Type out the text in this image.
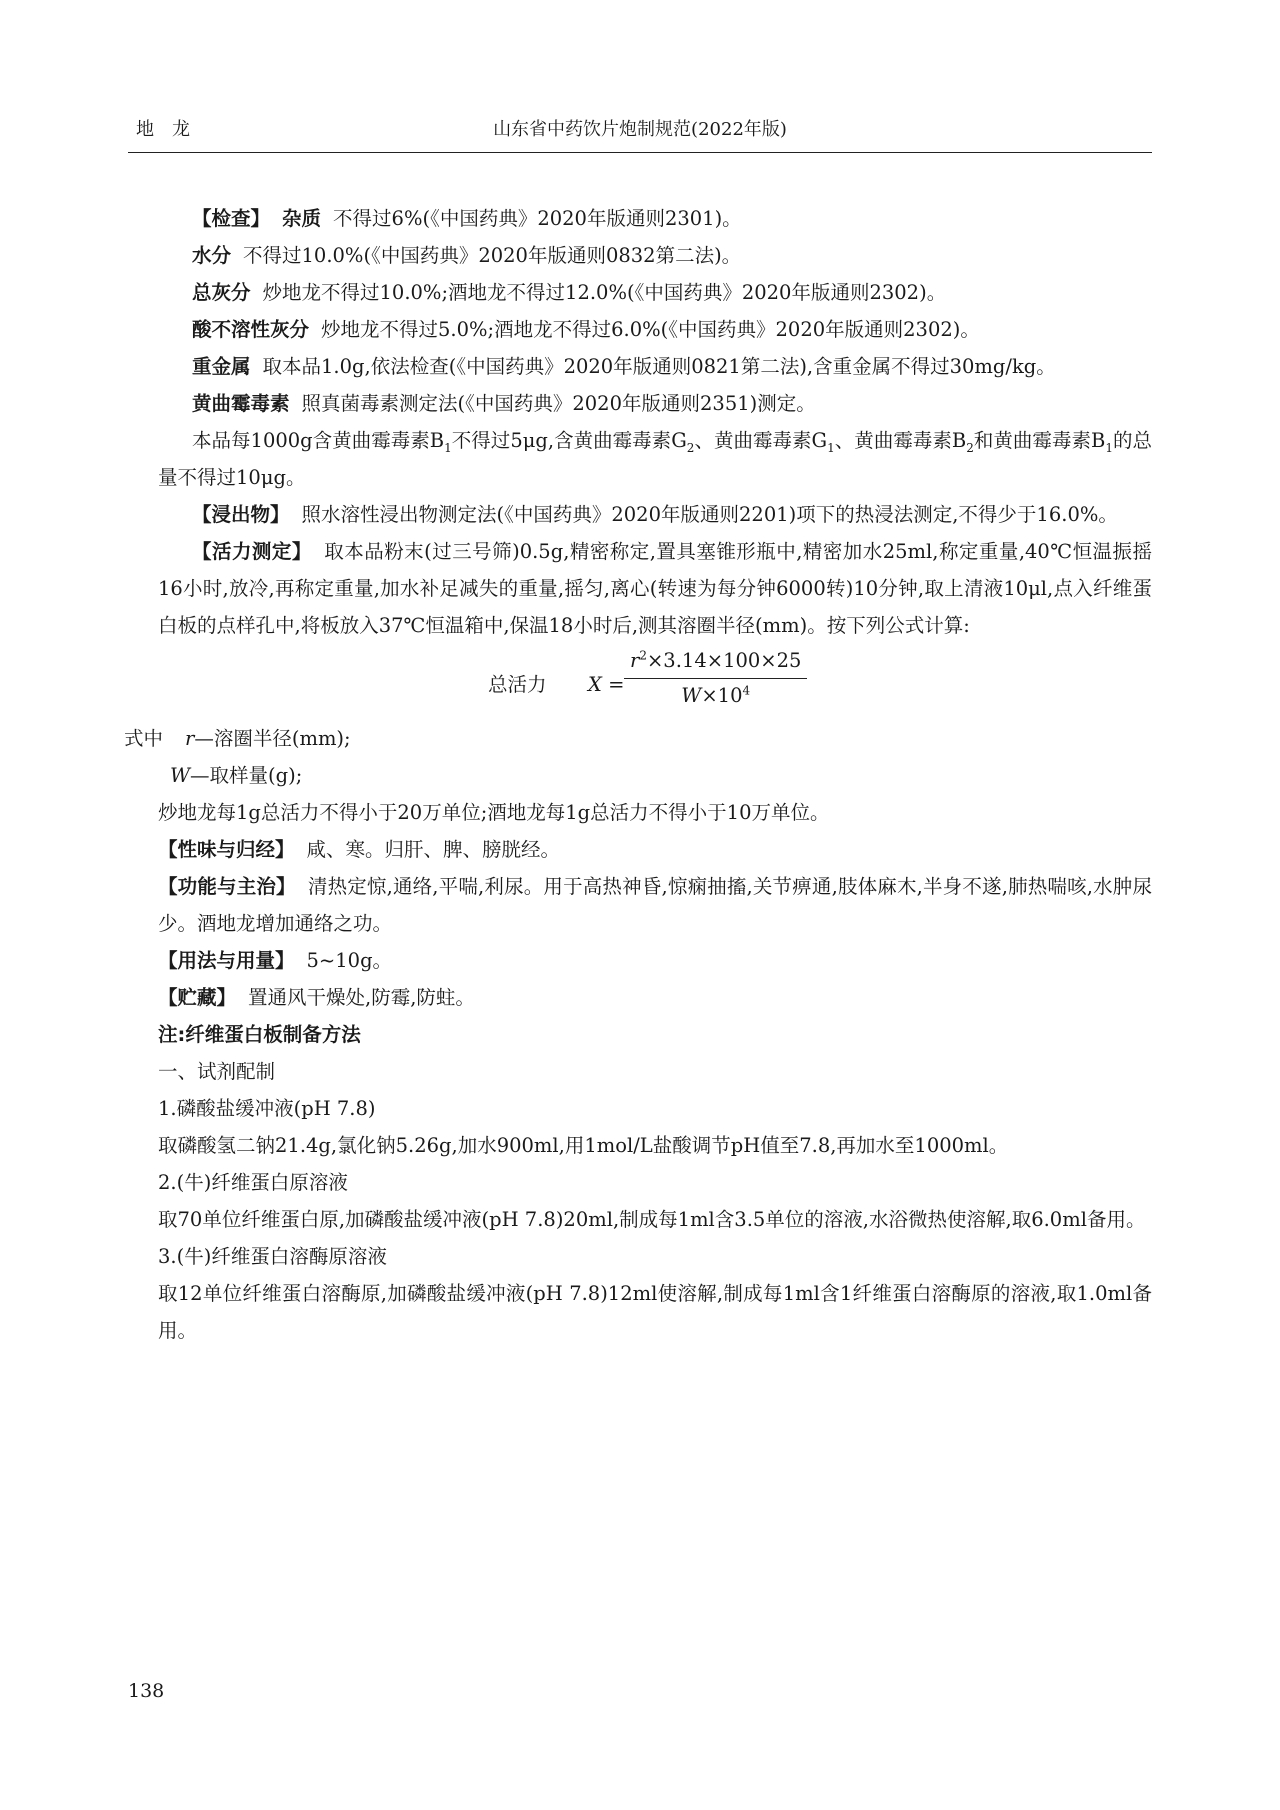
地龙	山东省中药饮片炮制规范(2022年版)

【检查】 杂质 不得过6%(《中国药典》2020年版通则2301)。

水分 不得过10.0%(《中国药典》2020年版通则0832第二法)。

总灰分 炒地龙不得过10.0%;酒地龙不得过12.0%(《中国药典》2020年版通则2302)。

酸不溶性灰分 炒地龙不得过5.0%;酒地龙不得过6.0%(《中国药典》2020年版通则2302)。

重金属 取本品1.0g,依法检查(《中国药典》2020年版通则0821第二法),含重金属不得过30mg/kg。

黄曲霉毒素 照真菌毒素测定法(《中国药典》2020年版通则2351)测定。

本品每1000g含黄曲霉毒素$B_1$不得过5μg,含黄曲霉毒素$G_2$、黄曲霉毒素$G_1$、黄曲霉毒素$B_2$和黄曲霉毒素$B_1$的总量不得过10μg。

【浸出物】 照水溶性浸出物测定法(《中国药典》2020年版通则2201)项下的热浸法测定,不得少于16.0%。

【活力测定】 取本品粉末(过三号筛)0.5g,精密称定,置具塞锥形瓶中,精密加水25ml,称定重量,40℃恒温振摇16小时,放冷,再称定重量,加水补足减失的重量,摇匀,离心(转速为每分钟6000转)10分钟,取上清液10μl,点入纤维蛋白板的点样孔中,将板放入37℃恒温箱中,保温18小时后,测其溶圈半径(mm)。按下列公式计算:

总活力 $X = \frac{r^2\times 3.14\times 100\times 25}{W\times 10^4}$

式中 r—溶圈半径(mm);

W—取样量(g);

炒地龙每1g总活力不得小于20万单位;酒地龙每1g总活力不得小于10万单位。

【性味与归经】 咸、寒。归肝、脾、膀胱经。

【功能与主治】 清热定惊,通络,平喘,利尿。用于高热神昏,惊痫抽搐,关节痹通,肢体麻木,半身不遂,肺热喘咳,水肿尿少。酒地龙增加通络之功。

【用法与用量】 5~10g。

【贮藏】 置通风干燥处,防霉,防蛀。

注:纤维蛋白板制备方法

一、试剂配制

1.磷酸盐缓冲液(pH 7.8)

取磷酸氢二钠21.4g,氯化钠5.26g,加水900ml,用1mol/L盐酸调节pH值至7.8,再加水至1000ml。

2.(牛)纤维蛋白原溶液

取70单位纤维蛋白原,加磷酸盐缓冲液(pH 7.8)20ml,制成每1ml含3.5单位的溶液,水浴微热使溶解,取6.0ml备用。

3.(牛)纤维蛋白溶酶原溶液

取12单位纤维蛋白溶酶原,加磷酸盐缓冲液(pH 7.8)12ml使溶解,制成每1ml含1纤维蛋白溶酶原的溶液,取1.0ml备用。

138
